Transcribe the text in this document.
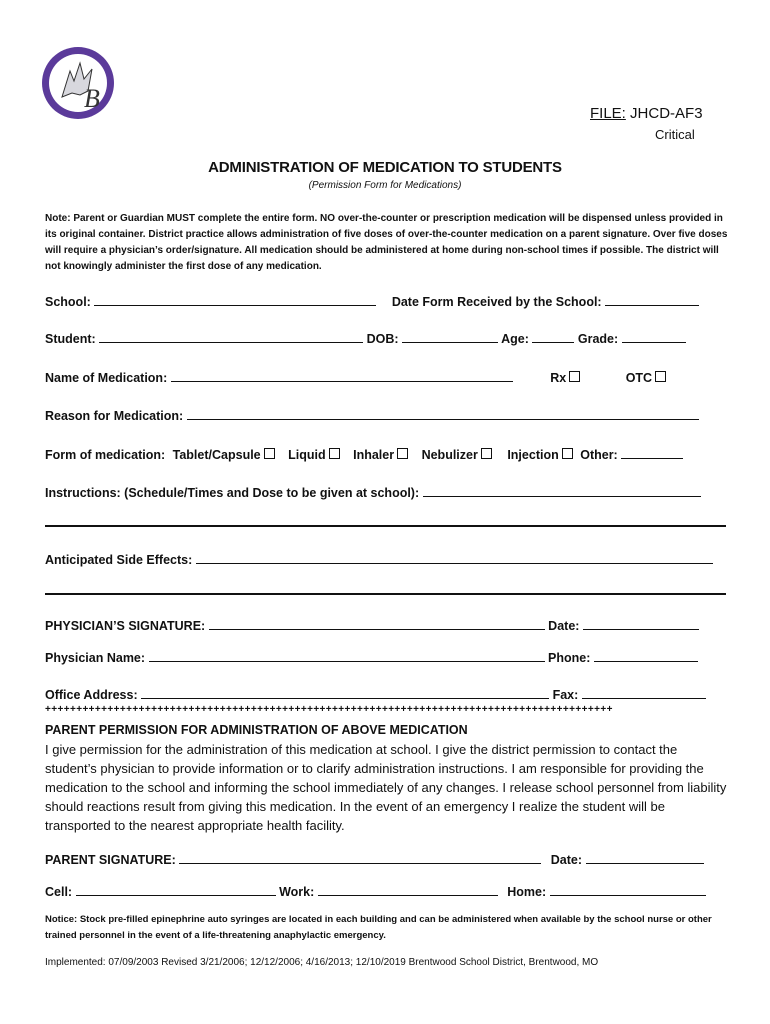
B
FILE: JHCD-AF3
Critical
ADMINISTRATION OF MEDICATION TO STUDENTS
(Permission Form for Medications)
Note: Parent or Guardian MUST complete the entire form. NO over-the-counter or prescription medication will be dispensed unless provided in its original container. District practice allows administration of five doses of over-the-counter medication on a parent signature. Over five doses will require a physician’s order/signature. All medication should be administered at home during non-school times if possible. The district will not knowingly administer the first dose of any medication.
School:	Date Form Received by the School:
Student:	DOB:	Age:	Grade:
Name of Medication:	Rx	OTC
Reason for Medication:
Form of medication: Tablet/Capsule Liquid Inhaler Nebulizer Injection Other:
Instructions: (Schedule/Times and Dose to be given at school):
Anticipated Side Effects:
PHYSICIAN’S SIGNATURE:	Date:
Physician Name:	Phone:
Office Address:	Fax:
+++++++++++++++++++++++++++++++++++++++++++++++++++++++++++++++++++++++++++++++++++++++++++
PARENT PERMISSION FOR ADMINISTRATION OF ABOVE MEDICATION
I give permission for the administration of this medication at school. I give the district permission to contact the student’s physician to provide information or to clarify administration instructions. I am responsible for providing the medication to the school and informing the school immediately of any changes. I release school personnel from liability should reactions result from giving this medication. In the event of an emergency I realize the student will be transported to the nearest appropriate health facility.
PARENT SIGNATURE:	Date:
Cell:	Work:	Home:
Notice: Stock pre-filled epinephrine auto syringes are located in each building and can be administered when available by the school nurse or other trained personnel in the event of a life-threatening anaphylactic emergency.
Implemented: 07/09/2003 Revised 3/21/2006; 12/12/2006; 4/16/2013; 12/10/2019 Brentwood School District, Brentwood, MO
